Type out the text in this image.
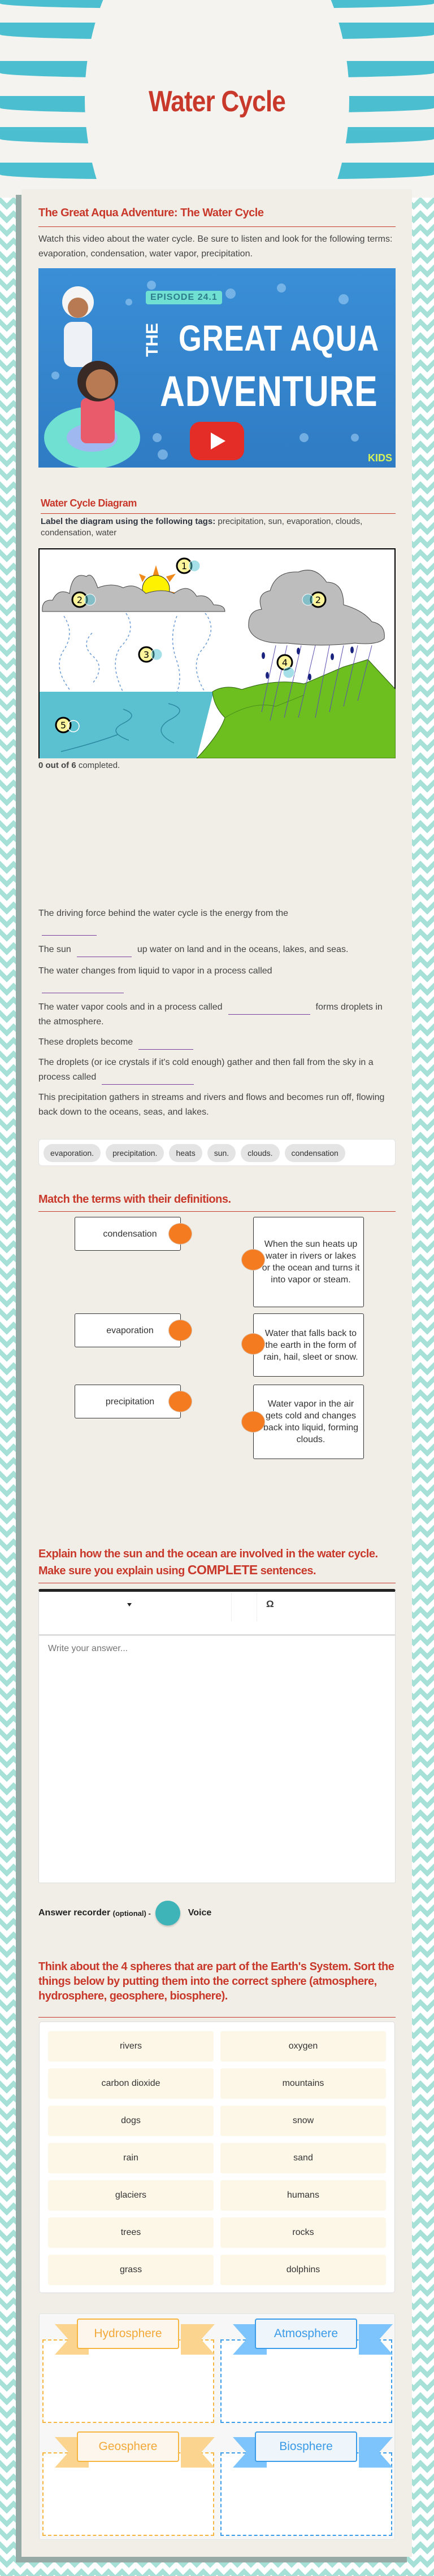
Water Cycle
The Great Aqua Adventure: The Water Cycle
Watch this video about the water cycle. Be sure to listen and look for the following terms: evaporation, condensation, water vapor, precipitation.
EPISODE 24.1
THE GREAT AQUA
ADVENTURE
KIDS
Water Cycle Diagram
Label the diagram using the following tags: precipitation, sun, evaporation, clouds, condensation, water
1
2	2
3
4
5
0 out of 6 completed.
The driving force behind the water cycle is the energy from the

The sun	up water on land and in the oceans, lakes, and seas.
The water changes from liquid to vapor in a process called

The water vapor cools and in a process called	forms droplets in the atmosphere.
These droplets become
The droplets (or ice crystals if it's cold enough) gather and then fall from the sky in a process called
This precipitation gathers in streams and rivers and flows and becomes run off, flowing back down to the oceans, seas, and lakes.
evaporation.	precipitation.	heats	sun.	clouds.	condensation
Match the terms with their definitions.
condensation
evaporation
precipitation
When the sun heats up water in rivers or lakes or the ocean and turns it into vapor or steam.
Water that falls back to the earth in the form of rain, hail, sleet or snow.
Water vapor in the air gets cold and changes back into liquid, forming clouds.
Explain how the sun and the ocean are involved in the water cycle. Make sure you explain using COMPLETE sentences.
Ω
Write your answer...
Answer recorder
(optional) -	Voice
Think about the 4 spheres that are part of the Earth's System. Sort the things below by putting them into the correct sphere (atmosphere, hydrosphere, geosphere, biosphere).
rivers	oxygen
carbon dioxide	mountains
dogs	snow
rain	sand
glaciers	humans
trees	rocks
grass	dolphins
Hydrosphere	Atmosphere
Geosphere	Biosphere
